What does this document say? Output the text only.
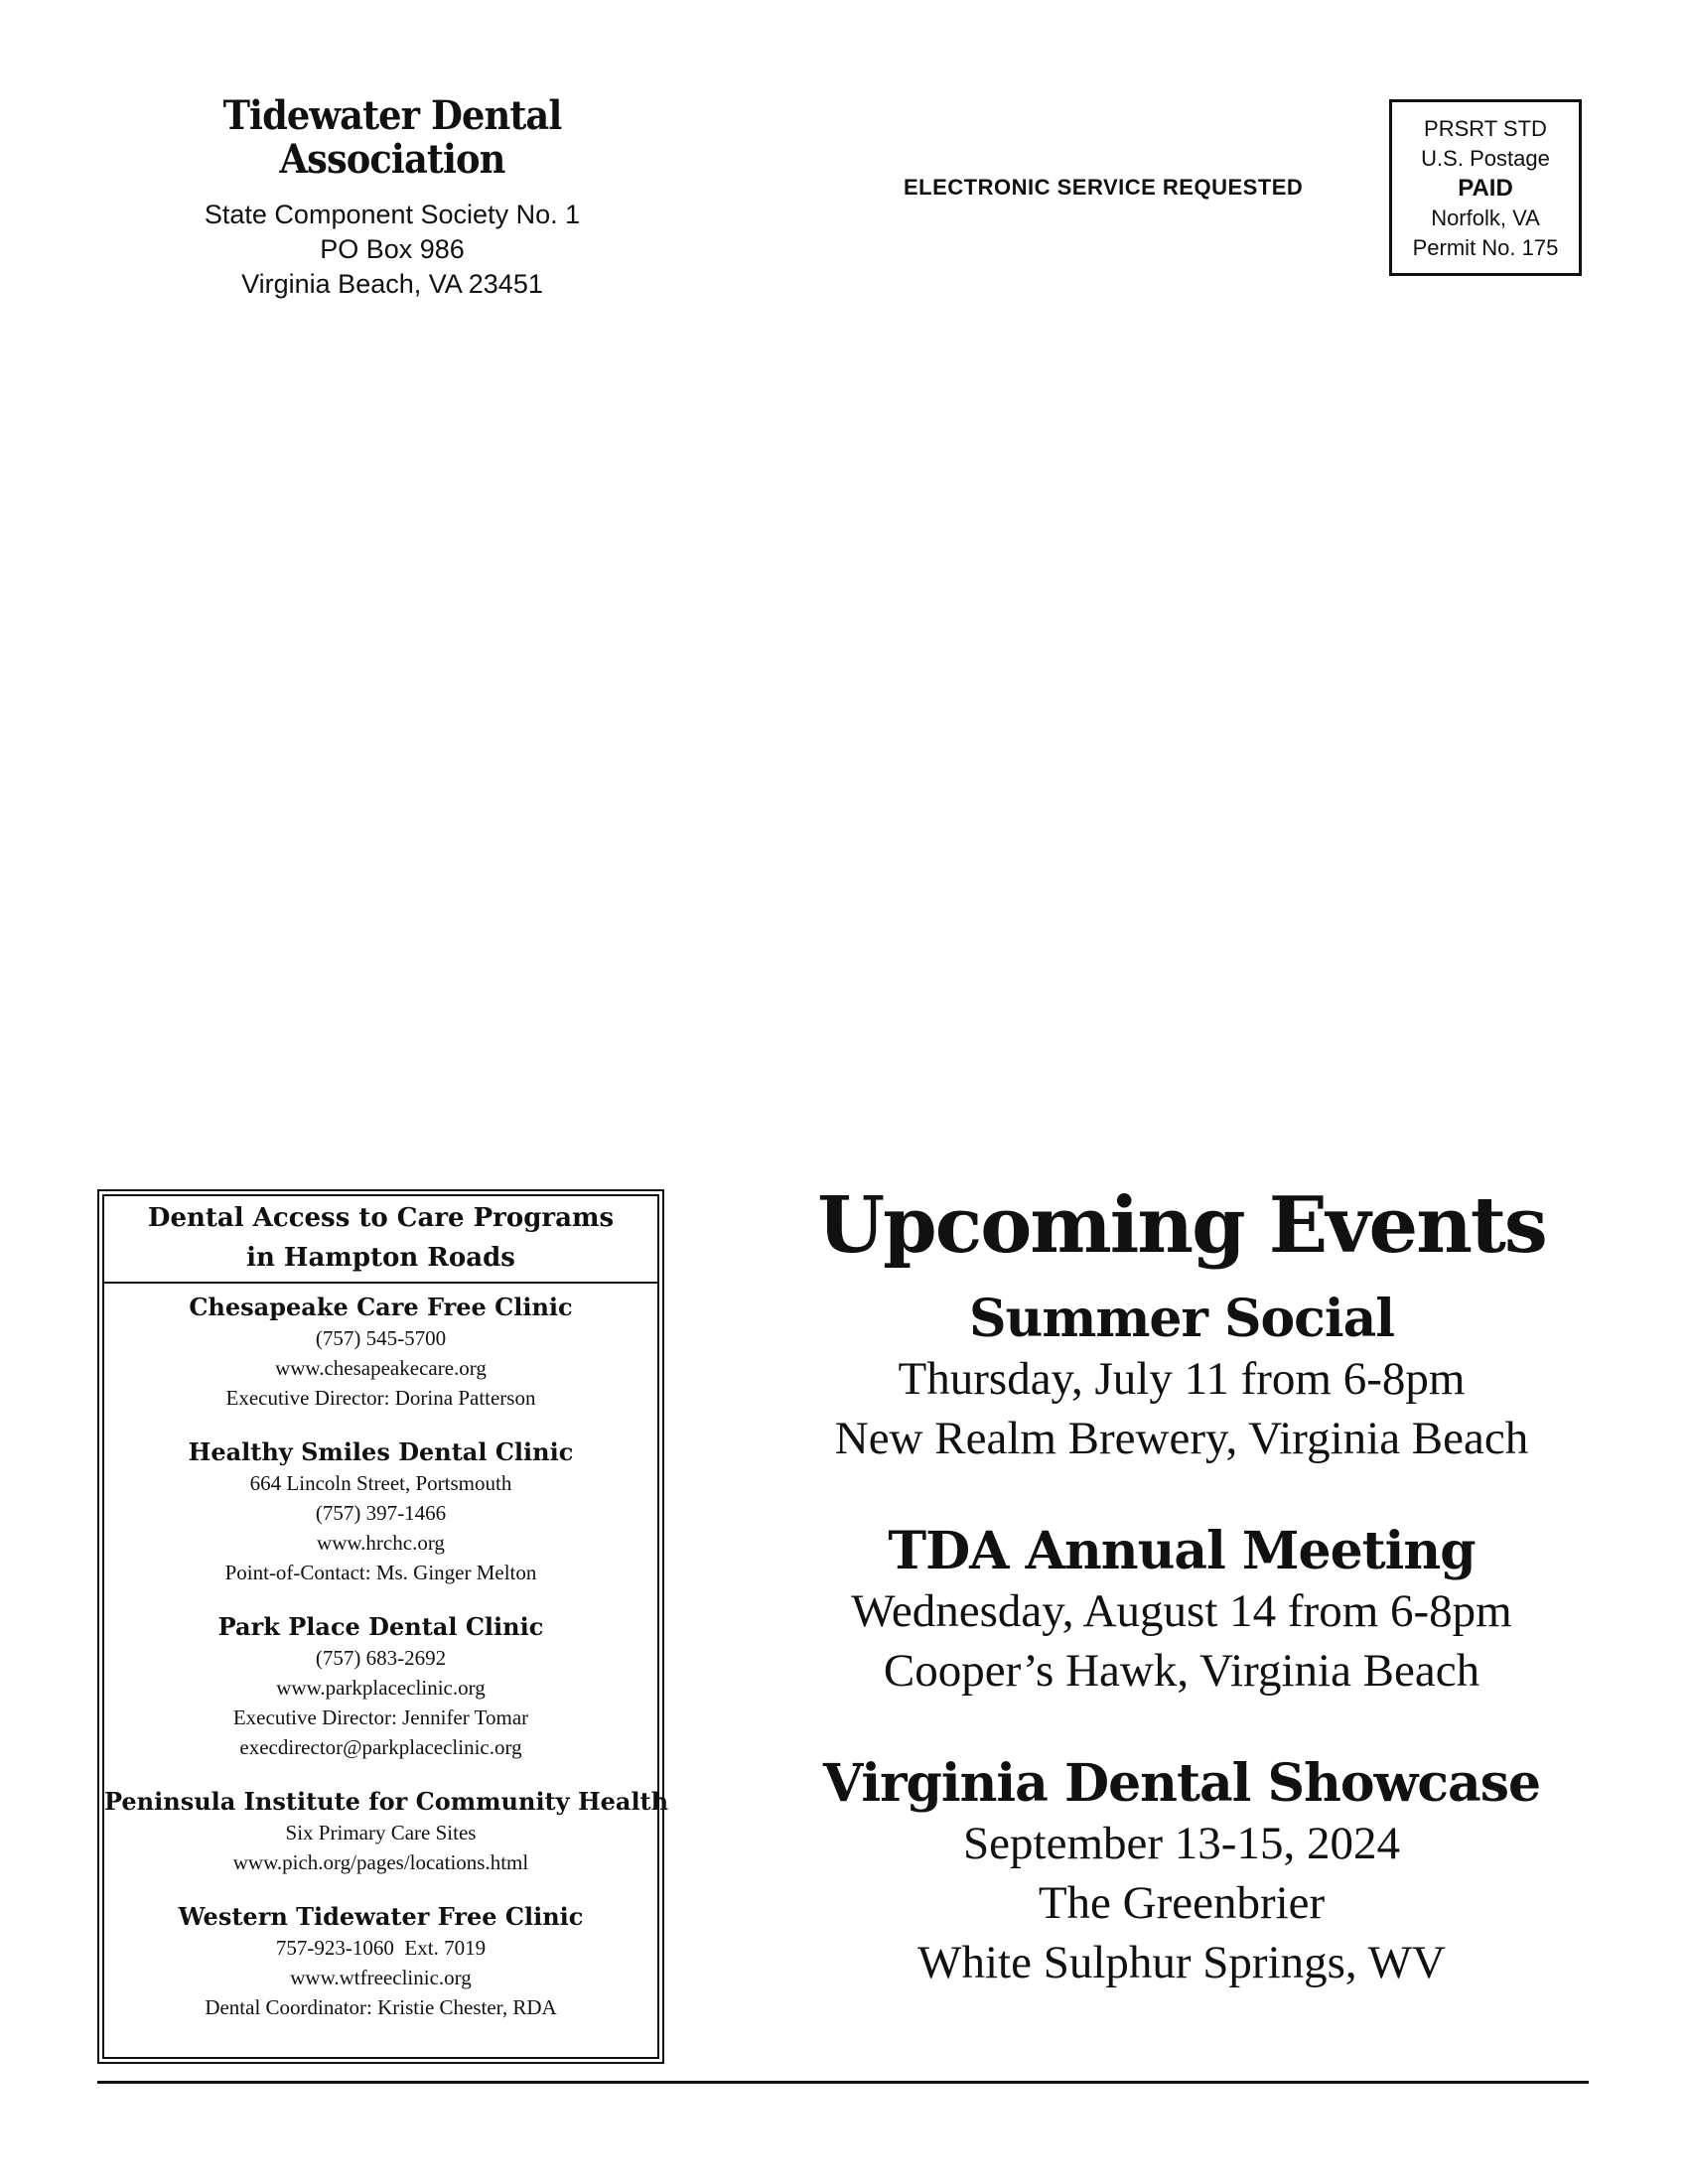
Tidewater Dental Association
State Component Society No. 1
PO Box 986
Virginia Beach, VA 23451
ELECTRONIC SERVICE REQUESTED
PRSRT STD
U.S. Postage
PAID
Norfolk, VA
Permit No. 175
Dental Access to Care Programs
in Hampton Roads
Chesapeake Care Free Clinic
(757) 545-5700
www.chesapeakecare.org
Executive Director: Dorina Patterson
Healthy Smiles Dental Clinic
664 Lincoln Street, Portsmouth
(757) 397-1466
www.hrchc.org
Point-of-Contact: Ms. Ginger Melton
Park Place Dental Clinic
(757) 683-2692
www.parkplaceclinic.org
Executive Director: Jennifer Tomar
execdirector@parkplaceclinic.org
Peninsula Institute for Community Health
Six Primary Care Sites
www.pich.org/pages/locations.html
Western Tidewater Free Clinic
757-923-1060  Ext. 7019
www.wtfreeclinic.org
Dental Coordinator: Kristie Chester, RDA
Upcoming Events
Summer Social
Thursday, July 11 from 6-8pm
New Realm Brewery, Virginia Beach
TDA Annual Meeting
Wednesday, August 14 from 6-8pm
Cooper’s Hawk, Virginia Beach
Virginia Dental Showcase
September 13-15, 2024
The Greenbrier
White Sulphur Springs, WV
